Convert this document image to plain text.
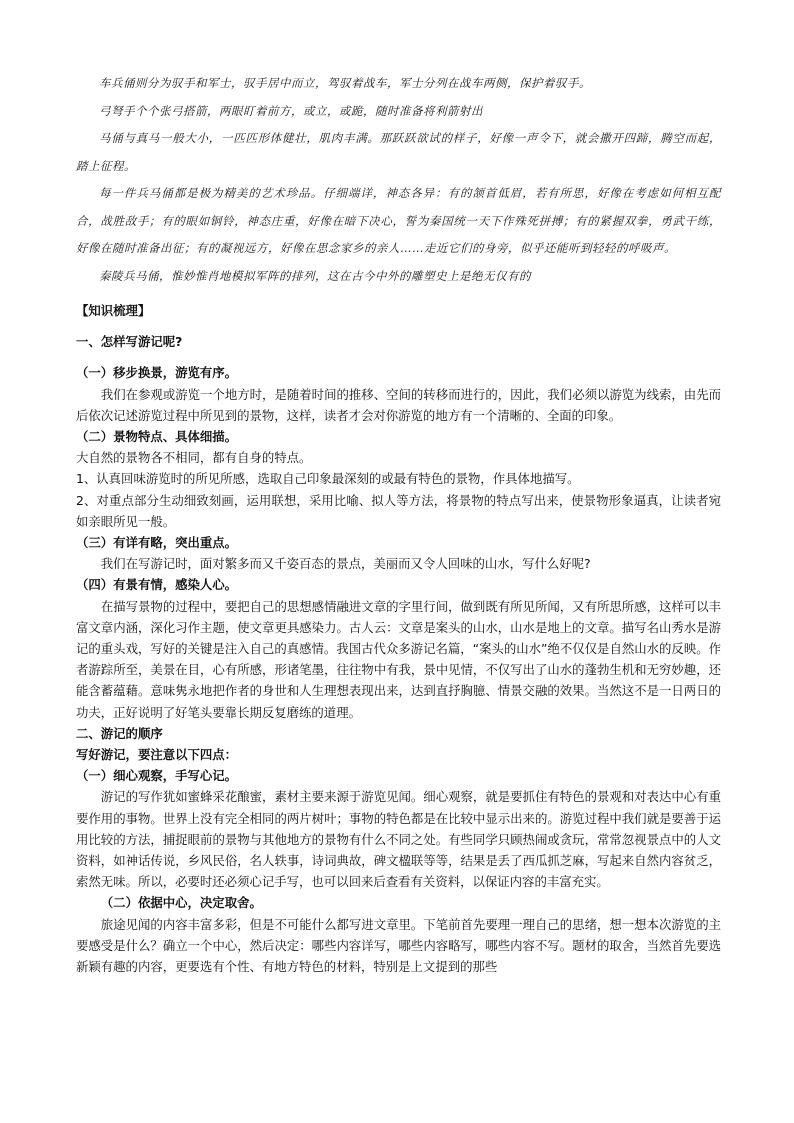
车兵俑则分为驭手和军士，驭手居中而立，驾驭着战车，军士分列在战车两侧，保护着驭手。

弓弩手个个张弓搭箭，两眼盯着前方，或立，或跪，随时准备将利箭射出

马俑与真马一般大小，一匹匹形体健壮，肌肉丰满。那跃跃欲试的样子，好像一声令下，就会撒开四蹄，腾空而起，踏上征程。

每一件兵马俑都是极为精美的艺术珍品。仔细端详，神态各异：有的颔首低眉，若有所思，好像在考虑如何相互配合，战胜敌手；有的眼如铜铃，神态庄重，好像在暗下决心，誓为秦国统一天下作殊死拼搏；有的紧握双拳，勇武干练，好像在随时准备出征；有的凝视远方，好像在思念家乡的亲人……走近它们的身旁，似乎还能听到轻轻的呼吸声。

秦陵兵马俑，惟妙惟肖地模拟军阵的排列，这在古今中外的雕塑史上是绝无仅有的

【知识梳理】

一、怎样写游记呢?

（一）移步换景，游览有序。

我们在参观或游览一个地方时，是随着时间的推移、空间的转移而进行的，因此，我们必须以游览为线索，由先而后依次记述游览过程中所见到的景物，这样，读者才会对你游览的地方有一个清晰的、全面的印象。

（二）景物特点、具体细描。

大自然的景物各不相同，都有自身的特点。

1、认真回味游览时的所见所感，选取自己印象最深刻的或最有特色的景物，作具体地描写。

2、对重点部分生动细致刻画，运用联想，采用比喻、拟人等方法，将景物的特点写出来，使景物形象逼真，让读者宛如亲眼所见一般。

（三）有详有略，突出重点。

我们在写游记时，面对繁多而又千姿百态的景点，美丽而又令人回味的山水，写什么好呢?

（四）有景有情，感染人心。

在描写景物的过程中，要把自己的思想感情融进文章的字里行间，做到既有所见所闻，又有所思所感，这样可以丰富文章内涵，深化习作主题，使文章更具感染力。古人云：文章是案头的山水，山水是地上的文章。描写名山秀水是游记的重头戏，写好的关键是注入自己的真感情。我国古代众多游记名篇，“案头的山水”绝不仅仅是自然山水的反映。作者游踪所至，美景在目，心有所感，形诸笔墨，往往物中有我，景中见情，不仅写出了山水的蓬勃生机和无穷妙趣，还能含蓄蕴藉。意味隽永地把作者的身世和人生理想表现出来，达到直抒胸臆、情景交融的效果。当然这不是一日两日的功夫，正好说明了好笔头要靠长期反复磨练的道理。

二、游记的顺序

写好游记，要注意以下四点：

（一）细心观察，手写心记。

游记的写作犹如蜜蜂采花酿蜜，素材主要来源于游览见闻。细心观察，就是要抓住有特色的景观和对表达中心有重要作用的事物。世界上没有完全相同的两片树叶；事物的特色都是在比较中显示出来的。游览过程中我们就是要善于运用比较的方法，捕捉眼前的景物与其他地方的景物有什么不同之处。有些同学只顾热闹或贪玩，常常忽视景点中的人文资料，如神话传说，乡风民俗，名人轶事，诗词典故，碑文楹联等等，结果是丢了西瓜抓芝麻，写起来自然内容贫乏，索然无味。所以，必要时还必须心记手写，也可以回来后查看有关资料，以保证内容的丰富充实。

（二）依据中心，决定取舍。

旅途见闻的内容丰富多彩，但是不可能什么都写进文章里。下笔前首先要理一理自己的思绪，想一想本次游览的主要感受是什么？确立一个中心，然后决定：哪些内容详写，哪些内容略写，哪些内容不写。题材的取舍，当然首先要选新颖有趣的内容，更要选有个性、有地方特色的材料，特别是上文提到的那些
